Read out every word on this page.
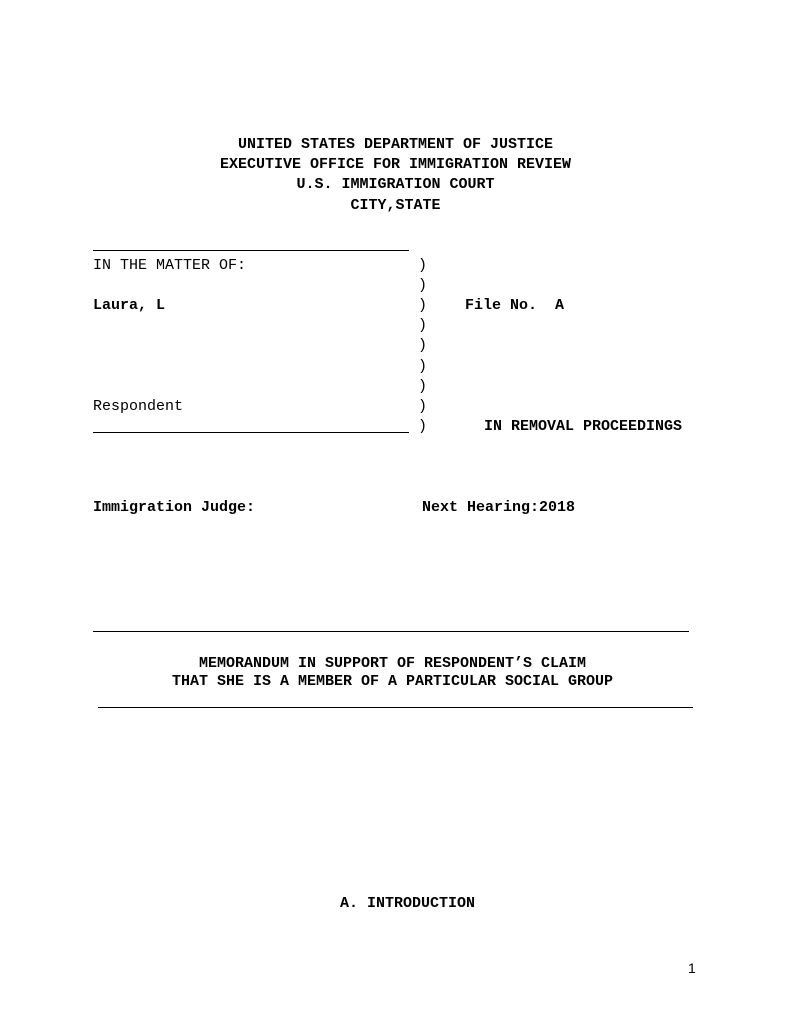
UNITED STATES DEPARTMENT OF JUSTICE
EXECUTIVE OFFICE FOR IMMIGRATION REVIEW
U.S. IMMIGRATION COURT
CITY,STATE
IN THE MATTER OF:
Laura, L
Respondent
)
)
)
)
)
)
)
)
)
File No.  A
IN REMOVAL PROCEEDINGS
Immigration Judge:	Next Hearing:2018
MEMORANDUM IN SUPPORT OF RESPONDENT’S CLAIM
THAT SHE IS A MEMBER OF A PARTICULAR SOCIAL GROUP
A. INTRODUCTION
1
